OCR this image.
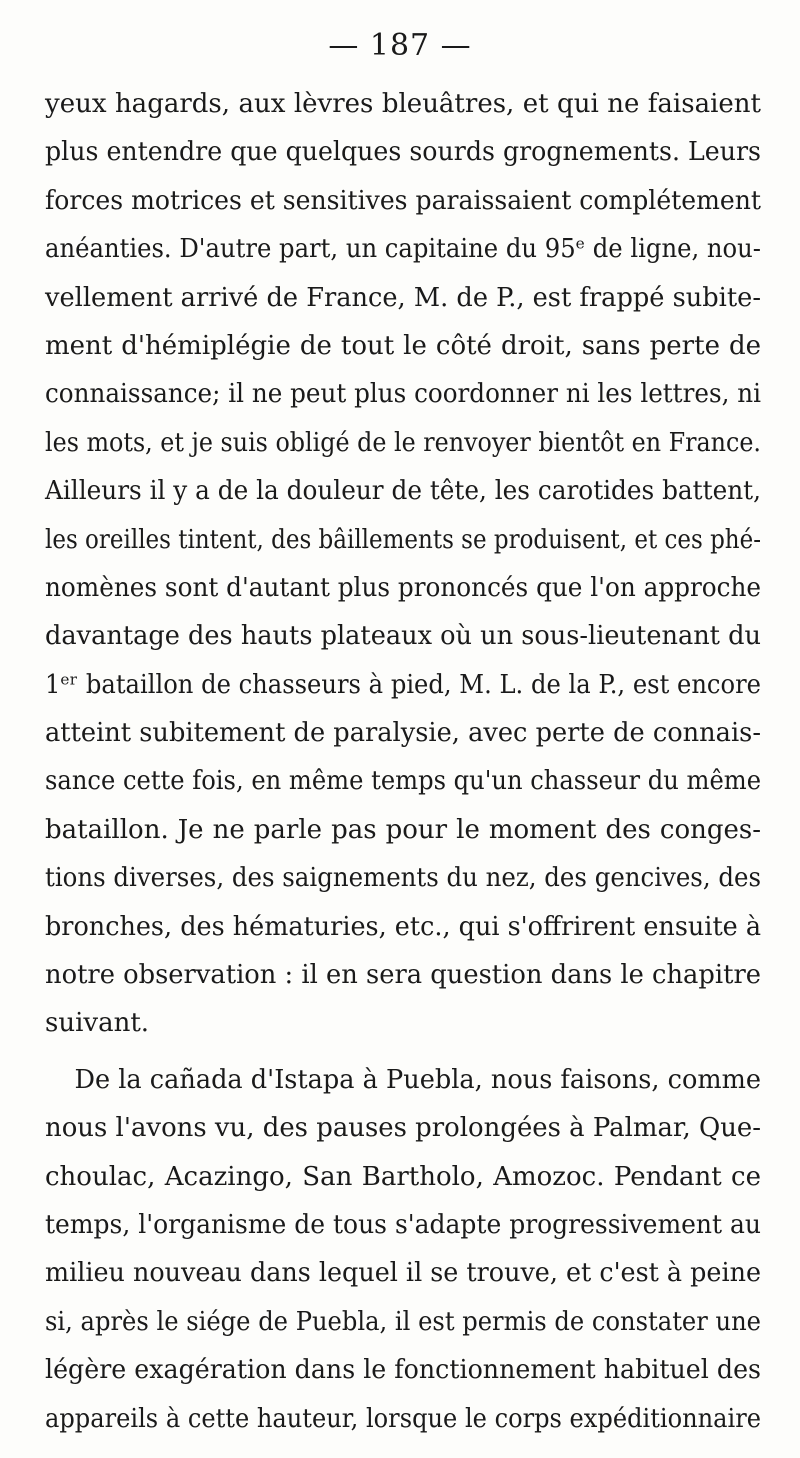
— 187 —
yeux hagards, aux lèvres bleuâtres, et qui ne faisaient
plus entendre que quelques sourds grognements. Leurs
forces motrices et sensitives paraissaient complétement
anéanties. D'autre part, un capitaine du 95ᵉ de ligne, nou-
vellement arrivé de France, M. de P., est frappé subite-
ment d'hémiplégie de tout le côté droit, sans perte de
connaissance; il ne peut plus coordonner ni les lettres, ni
les mots, et je suis obligé de le renvoyer bientôt en France.
Ailleurs il y a de la douleur de tête, les carotides battent,
les oreilles tintent, des bâillements se produisent, et ces phé-
nomènes sont d'autant plus prononcés que l'on approche
davantage des hauts plateaux où un sous-lieutenant du
1ᵉʳ bataillon de chasseurs à pied, M. L. de la P., est encore
atteint subitement de paralysie, avec perte de connais-
sance cette fois, en même temps qu'un chasseur du même
bataillon. Je ne parle pas pour le moment des conges-
tions diverses, des saignements du nez, des gencives, des
bronches, des hématuries, etc., qui s'offrirent ensuite à
notre observation : il en sera question dans le chapitre
suivant.
De la cañada d'Istapa à Puebla, nous faisons, comme
nous l'avons vu, des pauses prolongées à Palmar, Que-
choulac, Acazingo, San Bartholo, Amozoc. Pendant ce
temps, l'organisme de tous s'adapte progressivement au
milieu nouveau dans lequel il se trouve, et c'est à peine
si, après le siége de Puebla, il est permis de constater une
légère exagération dans le fonctionnement habituel des
appareils à cette hauteur, lorsque le corps expéditionnaire
